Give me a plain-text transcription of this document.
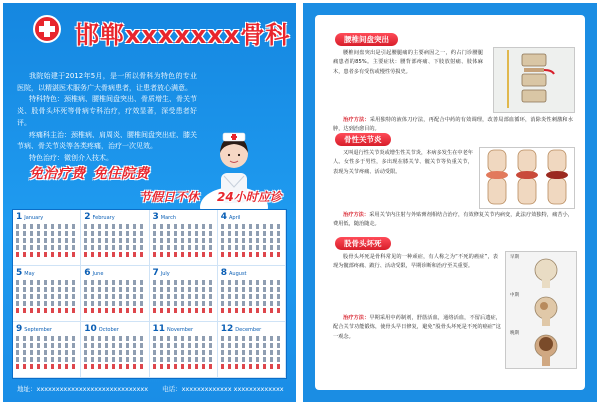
邯郸xxxxxxx骨科

我院始建于2012年5月，是一所以骨科为特色的专业医院，以精湛医术服务广大骨病患者，让患者放心满意。

特科特色：颈椎病、腰椎间盘突出、骨质增生、骨关节炎、股骨头坏死等骨病专科治疗，疗效显著，深受患者好评。

疼痛科主治：颈椎病、肩周炎、腰椎间盘突出症、膝关节病、骨关节炎等各类疼痛，治疗一次见效。

特色治疗：微创介入技术。

免治疗费 免住院费
节假日不休 24小时应诊
1 January	2 February	3 March	4 April
5 May	6 June	7 July	8 August
9 September	10 October	11 November	12 December
地址：xxxxxxxxxxxxxxxxxxxxxxxxxxxxx 电话：xxxxxxxxxxxxx xxxxxxxxxxxxx
腰椎间盘突出
腰椎间盘突出是引起腰腿痛的主要病因之一，约占门诊腰腿痛患者的85%。主要症状：腰背部疼痛、下肢放射痛、肢体麻木，患者多有受伤或慢性劳损史。
治疗方法：采用独特的液体刀疗法，再配合中药的有效调理，改善局部血循环，消除炎性刺激和水肿，达到治愈目的。
骨性关节炎
又叫退行性关节炎或增生性关节炎，本病多发生在中老年人。女性多于男性，多出现在膝关节、髋关节等负重关节，表现为关节疼痛、活动受限。
治疗方法：采用关节内注射与外贴膏剂相结合治疗，有效修复关节内病变，此法疗效独特，痛苦小，费用低，随治随走。
股骨头坏死
股骨头坏死是骨科常见的一种顽症，有人称之为“不死的癌症”，表现为髋部疼痛、跛行、活动受限，早期诊断和治疗至关重要。
早期
中期
晚期
治疗方法：早期采用中药制剂，舒筋活血，通络活血，不留后遗症，配合关节功能锻炼，使骨头早日修复，避免“股骨头坏死是不死的癌症”这一观念。
